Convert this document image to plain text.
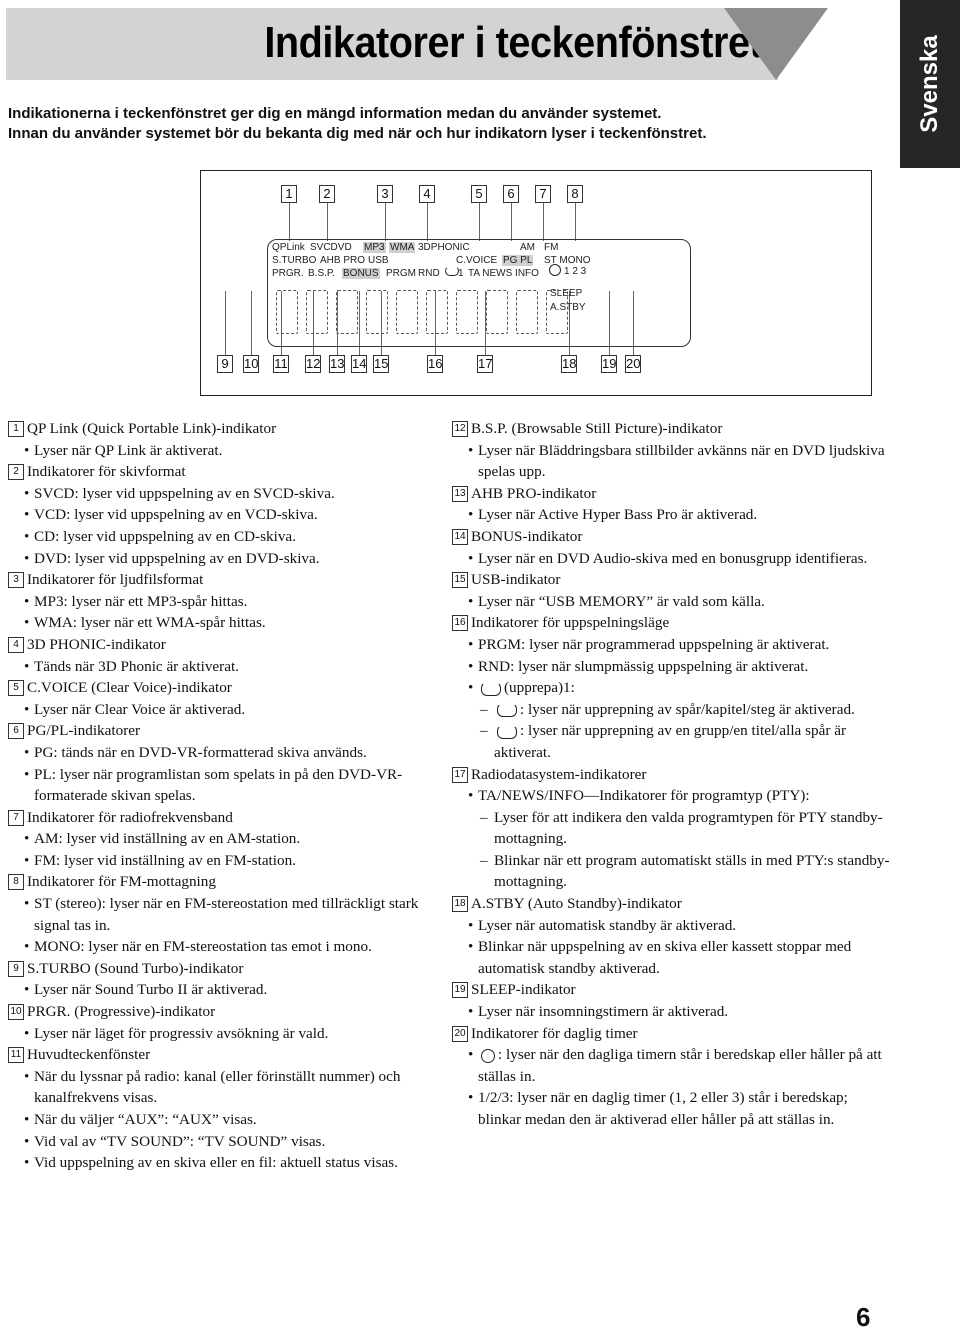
Indikatorer i teckenfönstret	Svenska
Indikationerna i teckenfönstret ger dig en mängd information medan du använder systemet.
Innan du använder systemet bör du bekanta dig med när och hur indikatorn lyser i teckenfönstret.
1	2	3	4	5	6	7	8
9	10 11 12 13 14 15	16	17	18 19 20
QPLink SVCDVD MP3 WMA 3DPHONIC	AM FM
S.TURBO AHB PRO USB	C.VOICE PG PL ST MONO
PRGR. B.S.P. BONUS PRGM RND 1 TA NEWS INFO	1 2 3
SLEEP
A.STBY
1 QP Link (Quick Portable Link)-indikator
• Lyser när QP Link är aktiverat.
2 Indikatorer för skivformat
• SVCD: lyser vid uppspelning av en SVCD-skiva.
• VCD: lyser vid uppspelning av en VCD-skiva.
• CD: lyser vid uppspelning av en CD-skiva.
• DVD: lyser vid uppspelning av en DVD-skiva.
3 Indikatorer för ljudfilsformat
• MP3: lyser när ett MP3-spår hittas.
• WMA: lyser när ett WMA-spår hittas.
4 3D PHONIC-indikator
• Tänds när 3D Phonic är aktiverat.
5 C.VOICE (Clear Voice)-indikator
• Lyser när Clear Voice är aktiverad.
6 PG/PL-indikatorer
• PG: tänds när en DVD-VR-formatterad skiva används.
• PL: lyser när programlistan som spelats in på den DVD-VR-formaterade skivan spelas.
7 Indikatorer för radiofrekvensband
• AM: lyser vid inställning av en AM-station.
• FM: lyser vid inställning av en FM-station.
8 Indikatorer för FM-mottagning
• ST (stereo): lyser när en FM-stereostation med tillräckligt stark signal tas in.
• MONO: lyser när en FM-stereostation tas emot i mono.
9 S.TURBO (Sound Turbo)-indikator
• Lyser när Sound Turbo II är aktiverad.
10 PRGR. (Progressive)-indikator
• Lyser när läget för progressiv avsökning är vald.
11 Huvudteckenfönster
• När du lyssnar på radio: kanal (eller förinställt nummer) och kanalfrekvens visas.
• När du väljer “AUX”: “AUX” visas.
• Vid val av “TV SOUND”: “TV SOUND” visas.
• Vid uppspelning av en skiva eller en fil: aktuell status visas.
12 B.S.P. (Browsable Still Picture)-indikator
• Lyser när Bläddringsbara stillbilder avkänns när en DVD ljudskiva spelas upp.
13 AHB PRO-indikator
• Lyser när Active Hyper Bass Pro är aktiverad.
14 BONUS-indikator
• Lyser när en DVD Audio-skiva med en bonusgrupp identifieras.
15 USB-indikator
• Lyser när “USB MEMORY” är vald som källa.
16 Indikatorer för uppspelningsläge
• PRGM: lyser när programmerad uppspelning är aktiverat.
• RND: lyser när slumpmässig uppspelning är aktiverat.
• (upprepa)1:
– : lyser när upprepning av spår/kapitel/steg är aktiverad.
– : lyser när upprepning av en grupp/en titel/alla spår är aktiverat.
17 Radiodatasystem-indikatorer
• TA/NEWS/INFO—Indikatorer för programtyp (PTY):
– Lyser för att indikera den valda programtypen för PTY standby-mottagning.
– Blinkar när ett program automatiskt ställs in med PTY:s standby-mottagning.
18 A.STBY (Auto Standby)-indikator
• Lyser när automatisk standby är aktiverad.
• Blinkar när uppspelning av en skiva eller kassett stoppar med automatisk standby aktiverad.
19 SLEEP-indikator
• Lyser när insomningstimern är aktiverad.
20 Indikatorer för daglig timer
• : lyser när den dagliga timern står i beredskap eller håller på att ställas in.
• 1/2/3: lyser när en daglig timer (1, 2 eller 3) står i beredskap; blinkar medan den är aktiverad eller håller på att ställas in.
6
